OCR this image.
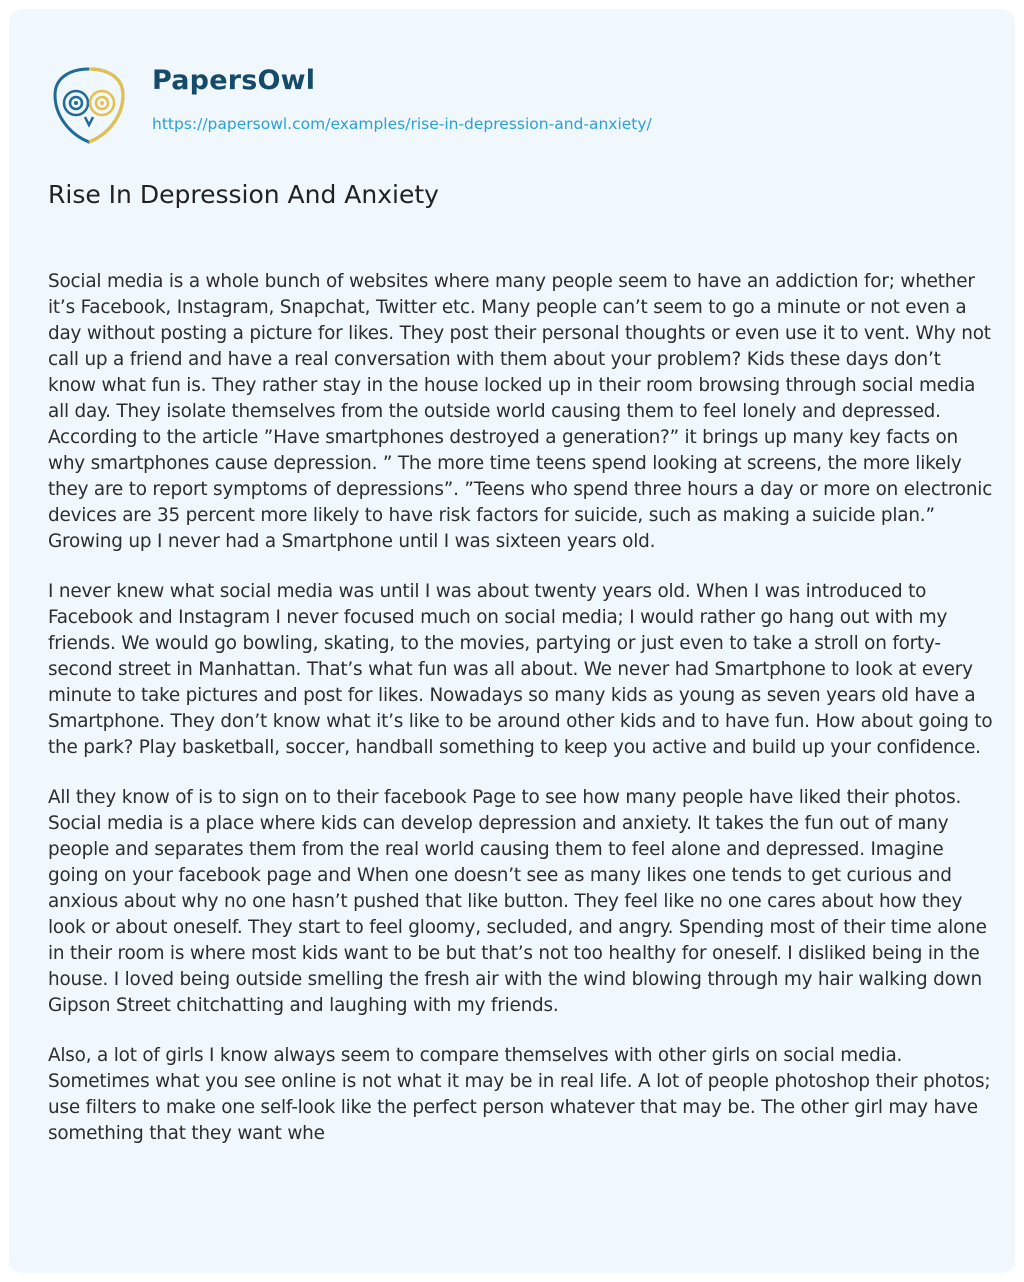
PapersOwl
https://papersowl.com/examples/rise-in-depression-and-anxiety/
Rise In Depression And Anxiety

Social media is a whole bunch of websites where many people seem to have an addiction for; whether it’s Facebook, Instagram, Snapchat, Twitter etc. Many people can’t seem to go a minute or not even a day without posting a picture for likes. They post their personal thoughts or even use it to vent. Why not call up a friend and have a real conversation with them about your problem? Kids these days don’t know what fun is. They rather stay in the house locked up in their room browsing through social media all day. They isolate themselves from the outside world causing them to feel lonely and depressed. According to the article ”Have smartphones destroyed a generation?” it brings up many key facts on why smartphones cause depression. ” The more time teens spend looking at screens, the more likely they are to report symptoms of depressions”. ”Teens who spend three hours a day or more on electronic devices are 35 percent more likely to have risk factors for suicide, such as making a suicide plan.” Growing up I never had a Smartphone until I was sixteen years old.

I never knew what social media was until I was about twenty years old. When I was introduced to Facebook and Instagram I never focused much on social media; I would rather go hang out with my friends. We would go bowling, skating, to the movies, partying or just even to take a stroll on forty-second street in Manhattan. That’s what fun was all about. We never had Smartphone to look at every minute to take pictures and post for likes. Nowadays so many kids as young as seven years old have a Smartphone. They don’t know what it’s like to be around other kids and to have fun. How about going to the park? Play basketball, soccer, handball something to keep you active and build up your confidence.

All they know of is to sign on to their facebook Page to see how many people have liked their photos. Social media is a place where kids can develop depression and anxiety. It takes the fun out of many people and separates them from the real world causing them to feel alone and depressed. Imagine going on your facebook page and When one doesn’t see as many likes one tends to get curious and anxious about why no one hasn’t pushed that like button. They feel like no one cares about how they look or about oneself. They start to feel gloomy, secluded, and angry. Spending most of their time alone in their room is where most kids want to be but that’s not too healthy for oneself. I disliked being in the house. I loved being outside smelling the fresh air with the wind blowing through my hair walking down Gipson Street chitchatting and laughing with my friends.

Also, a lot of girls I know always seem to compare themselves with other girls on social media. Sometimes what you see online is not what it may be in real life. A lot of people photoshop their photos; use filters to make one self-look like the perfect person whatever that may be. The other girl may have something that they want whe
